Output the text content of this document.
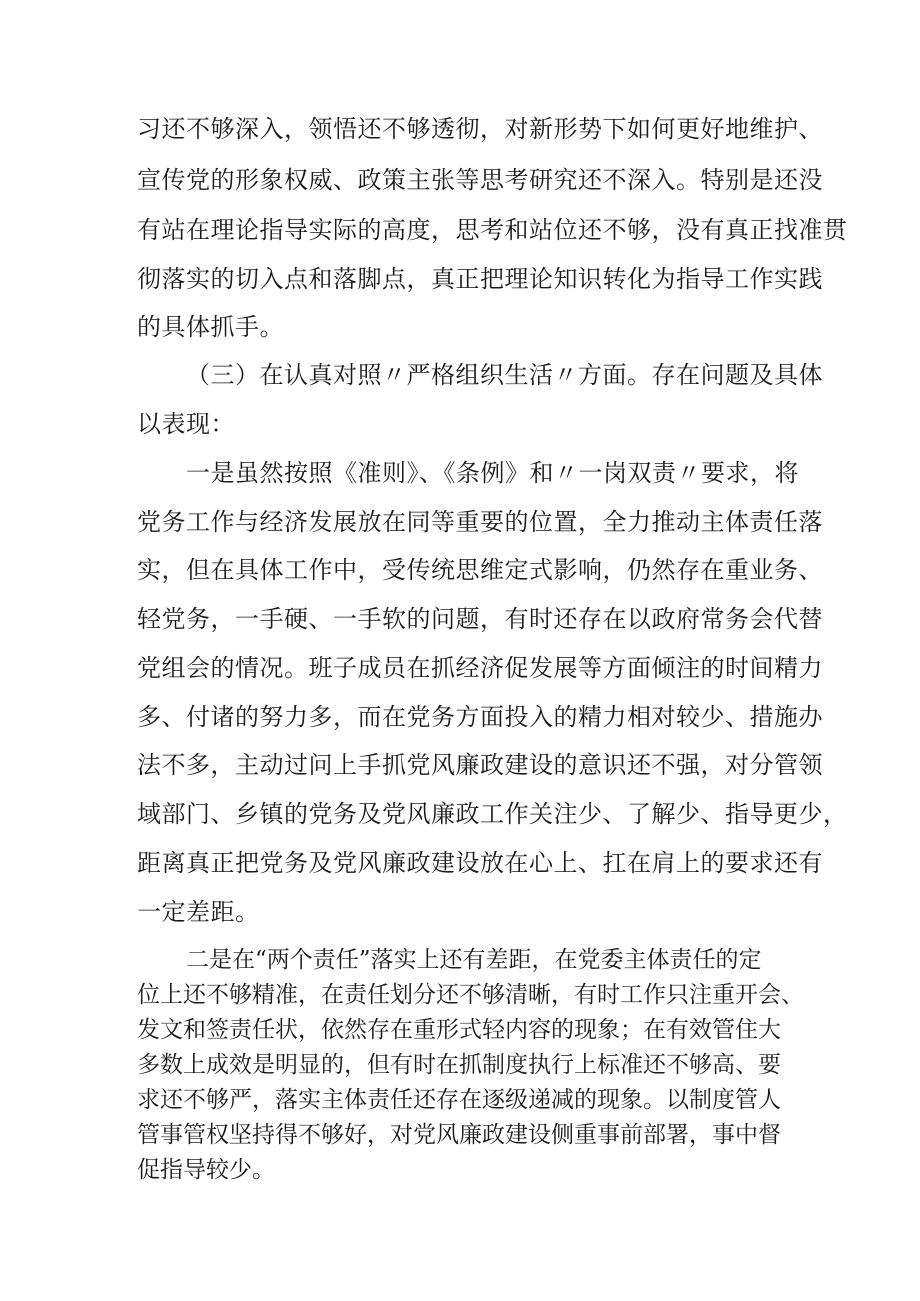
习还不够深入，领悟还不够透彻，对新形势下如何更好地维护、
宣传党的形象权威、政策主张等思考研究还不深入。特别是还没
有站在理论指导实际的高度，思考和站位还不够，没有真正找准贯
彻落实的切入点和落脚点，真正把理论知识转化为指导工作实践
的具体抓手。
（三）在认真对照〃严格组织生活〃方面。存在问题及具体
以表现：
一是虽然按照《准则》、《条例》和〃一岗双责〃要求，将
党务工作与经济发展放在同等重要的位置，全力推动主体责任落
实，但在具体工作中，受传统思维定式影响，仍然存在重业务、
轻党务，一手硬、一手软的问题，有时还存在以政府常务会代替
党组会的情况。班子成员在抓经济促发展等方面倾注的时间精力
多、付诸的努力多，而在党务方面投入的精力相对较少、措施办
法不多，主动过问上手抓党风廉政建设的意识还不强，对分管领
域部门、乡镇的党务及党风廉政工作关注少、了解少、指导更少，
距离真正把党务及党风廉政建设放在心上、扛在肩上的要求还有
一定差距。
二是在“两个责任”落实上还有差距，在党委主体责任的定
位上还不够精准，在责任划分还不够清晰，有时工作只注重开会、
发文和签责任状，依然存在重形式轻内容的现象；在有效管住大
多数上成效是明显的，但有时在抓制度执行上标准还不够高、要
求还不够严，落实主体责任还存在逐级递减的现象。以制度管人
管事管权坚持得不够好，对党风廉政建设侧重事前部署，事中督
促指导较少。
